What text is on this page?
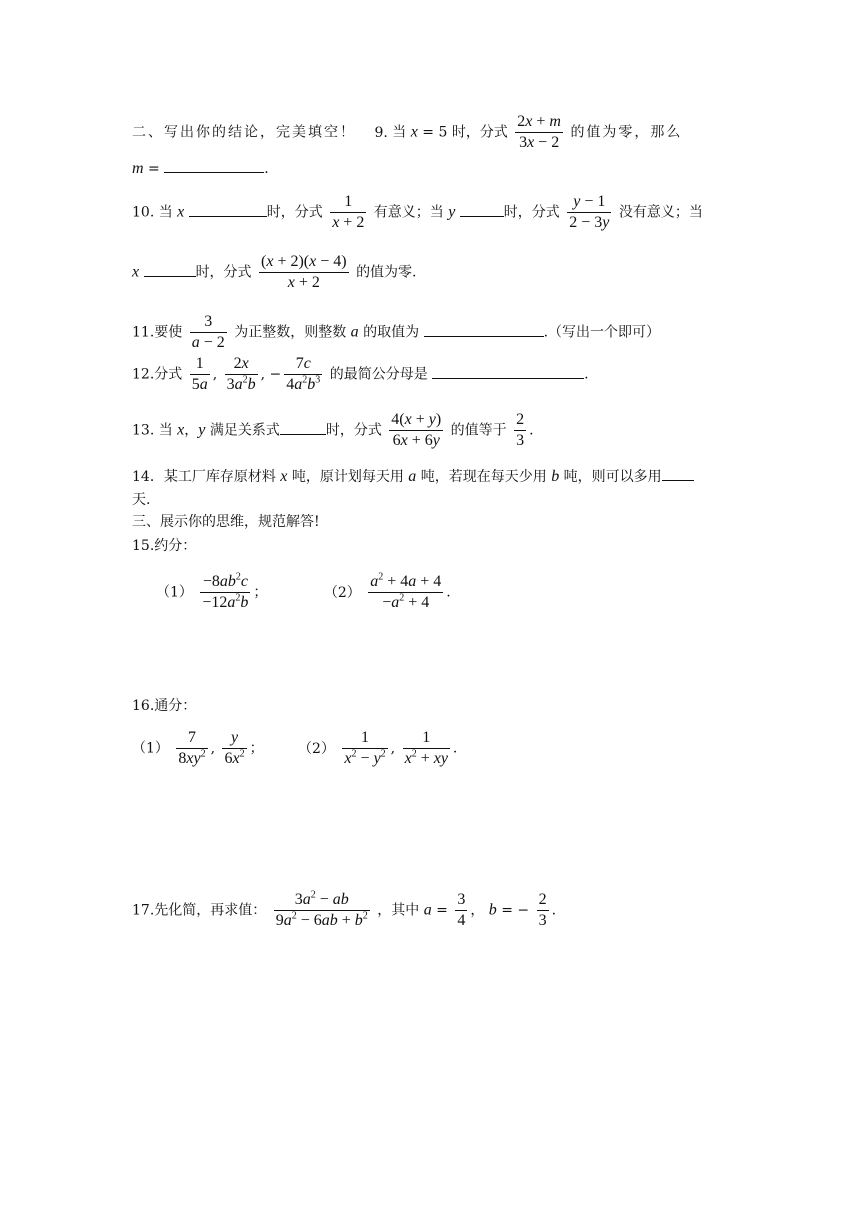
二、写出你的结论，完美填空！ 9. 当 x = 5 时，分式 $\frac{2x + m}{3x - 2}$ 的值为零，那么
m =	.
10. 当 x	时，分式 $\frac{1}{x + 2}$ 有意义；当 y	时，分式 $\frac{y - 1}{2 - 3y}$ 没有意义；当
x	时，分式 $\frac{(x + 2)(x - 4)}{x + 2}$ 的值为零.
11.要使 $\frac{3}{a - 2}$ 为正整数，则整数 a 的取值为	.（写出一个即可）
12.分式 $\frac{1}{5a}$ , $\frac{2x}{3a^2b}$ , − $\frac{7c}{4a^2b^3}$ 的最简公分母是	.
13. 当 x，y 满足关系式	时，分式 $\frac{4(x + y)}{6x + 6y}$ 的值等于 $\frac{2}{3}$ .
14．某工厂库存原材料 x 吨，原计划每天用 a 吨，若现在每天少用 b 吨，则可以多用
天.
三、展示你的思维，规范解答!
15.约分：
$(1) \frac{-8ab^2c}{-12a^2b}$ ；	$(2) \frac{a^2 + 4a + 4}{-a^2 + 4}$ .
16.通分：
$(1) \frac{7}{8xy^2}$ , $\frac{y}{6x^2}$ ； $(2) \frac{1}{x^2 - y^2}$ , $\frac{1}{x^2 + xy}$ .
17.先化简，再求值： $\frac{3a^2 - ab}{9a^2 - 6ab + b^2}$ ，其中 $a = \frac{3}{4}$ ， b = − $\frac{2}{3}$ .
